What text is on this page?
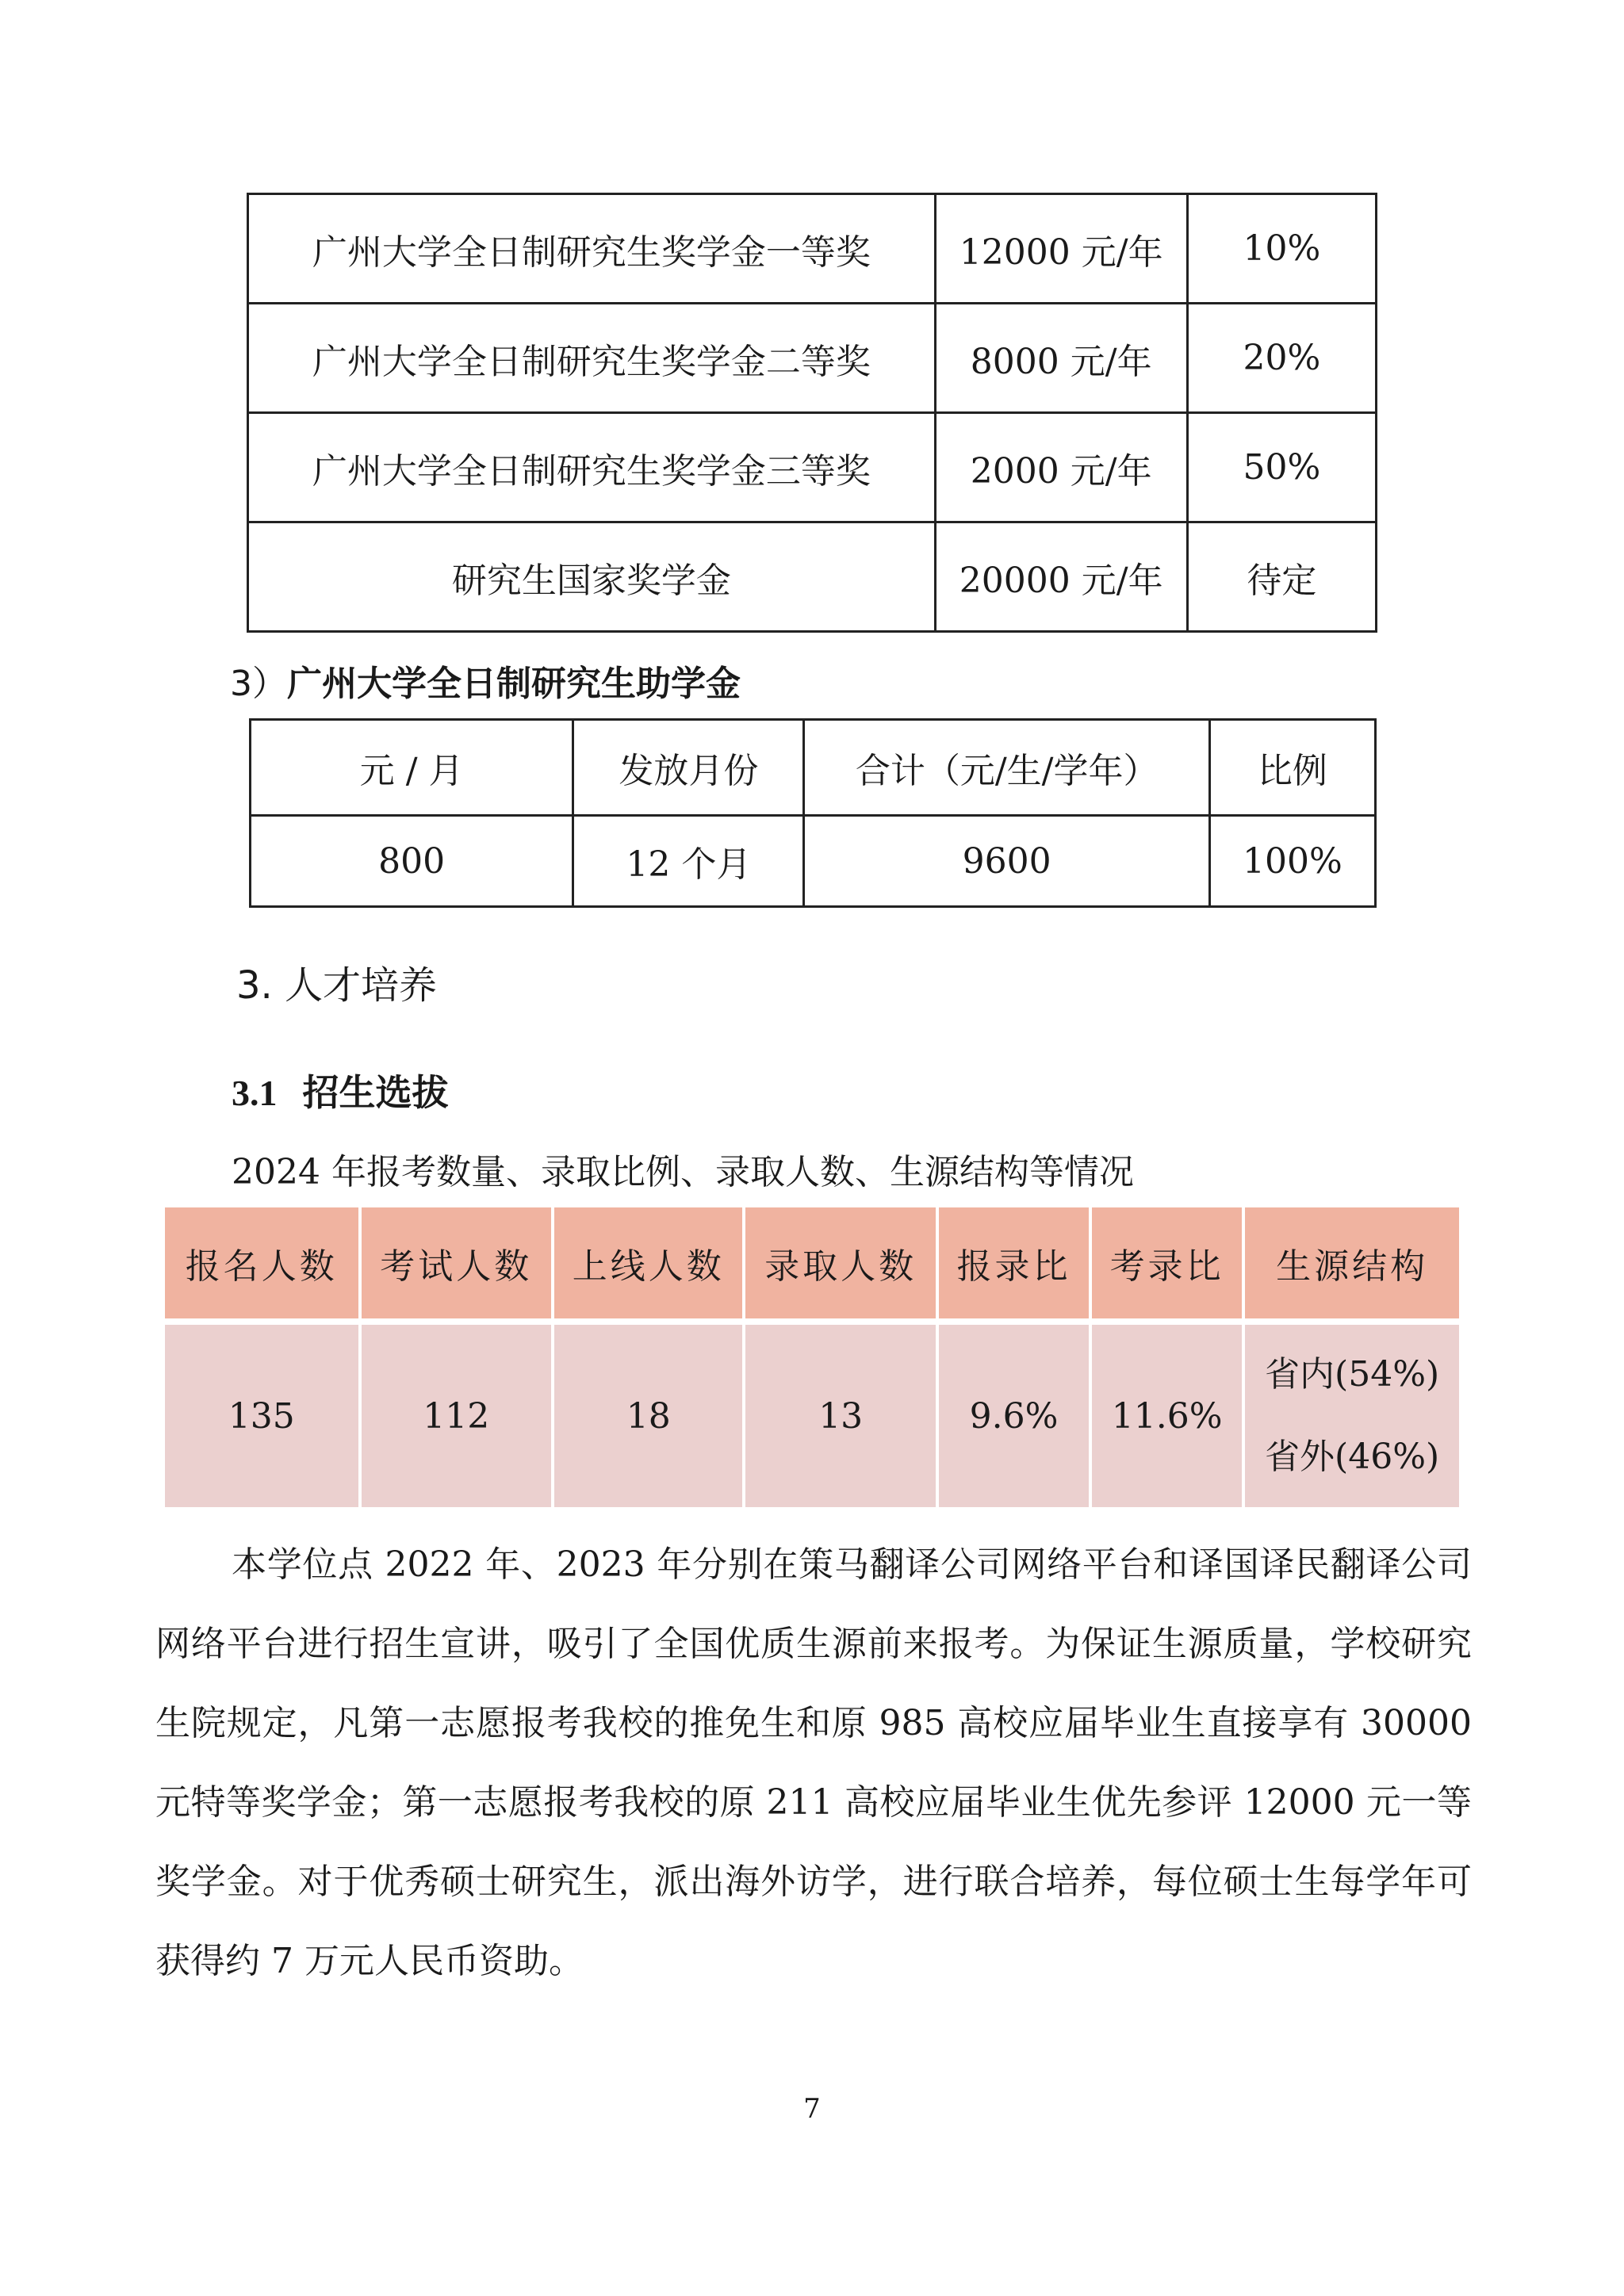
广州大学全日制研究生奖学金一等奖	12000 元/年	10%
广州大学全日制研究生奖学金二等奖	8000 元/年	20%
广州大学全日制研究生奖学金三等奖	2000 元/年	50%
研究生国家奖学金	20000 元/年	待定
3）广州大学全日制研究生助学金
元 / 月	发放月份	合计（元/生/学年）	比例
800	12 个月	9600	100%
3. 人才培养
3.1 招生选拔
2024 年报考数量、录取比例、录取人数、生源结构等情况
报名人数	考试人数	上线人数	录取人数	报录比	考录比	生源结构

135	112	18	13	9.6%	11.6%	省内(54%)
省外(46%)
本学位点 2022 年、2023 年分别在策马翻译公司网络平台和译国译民翻译公司网络平台进行招生宣讲，吸引了全国优质生源前来报考。为保证生源质量，学校研究生院规定，凡第一志愿报考我校的推免生和原 985 高校应届毕业生直接享有 30000 元特等奖学金；第一志愿报考我校的原 211 高校应届毕业生优先参评 12000 元一等奖学金。对于优秀硕士研究生，派出海外访学，进行联合培养，每位硕士生每学年可获得约 7 万元人民币资助。
7
